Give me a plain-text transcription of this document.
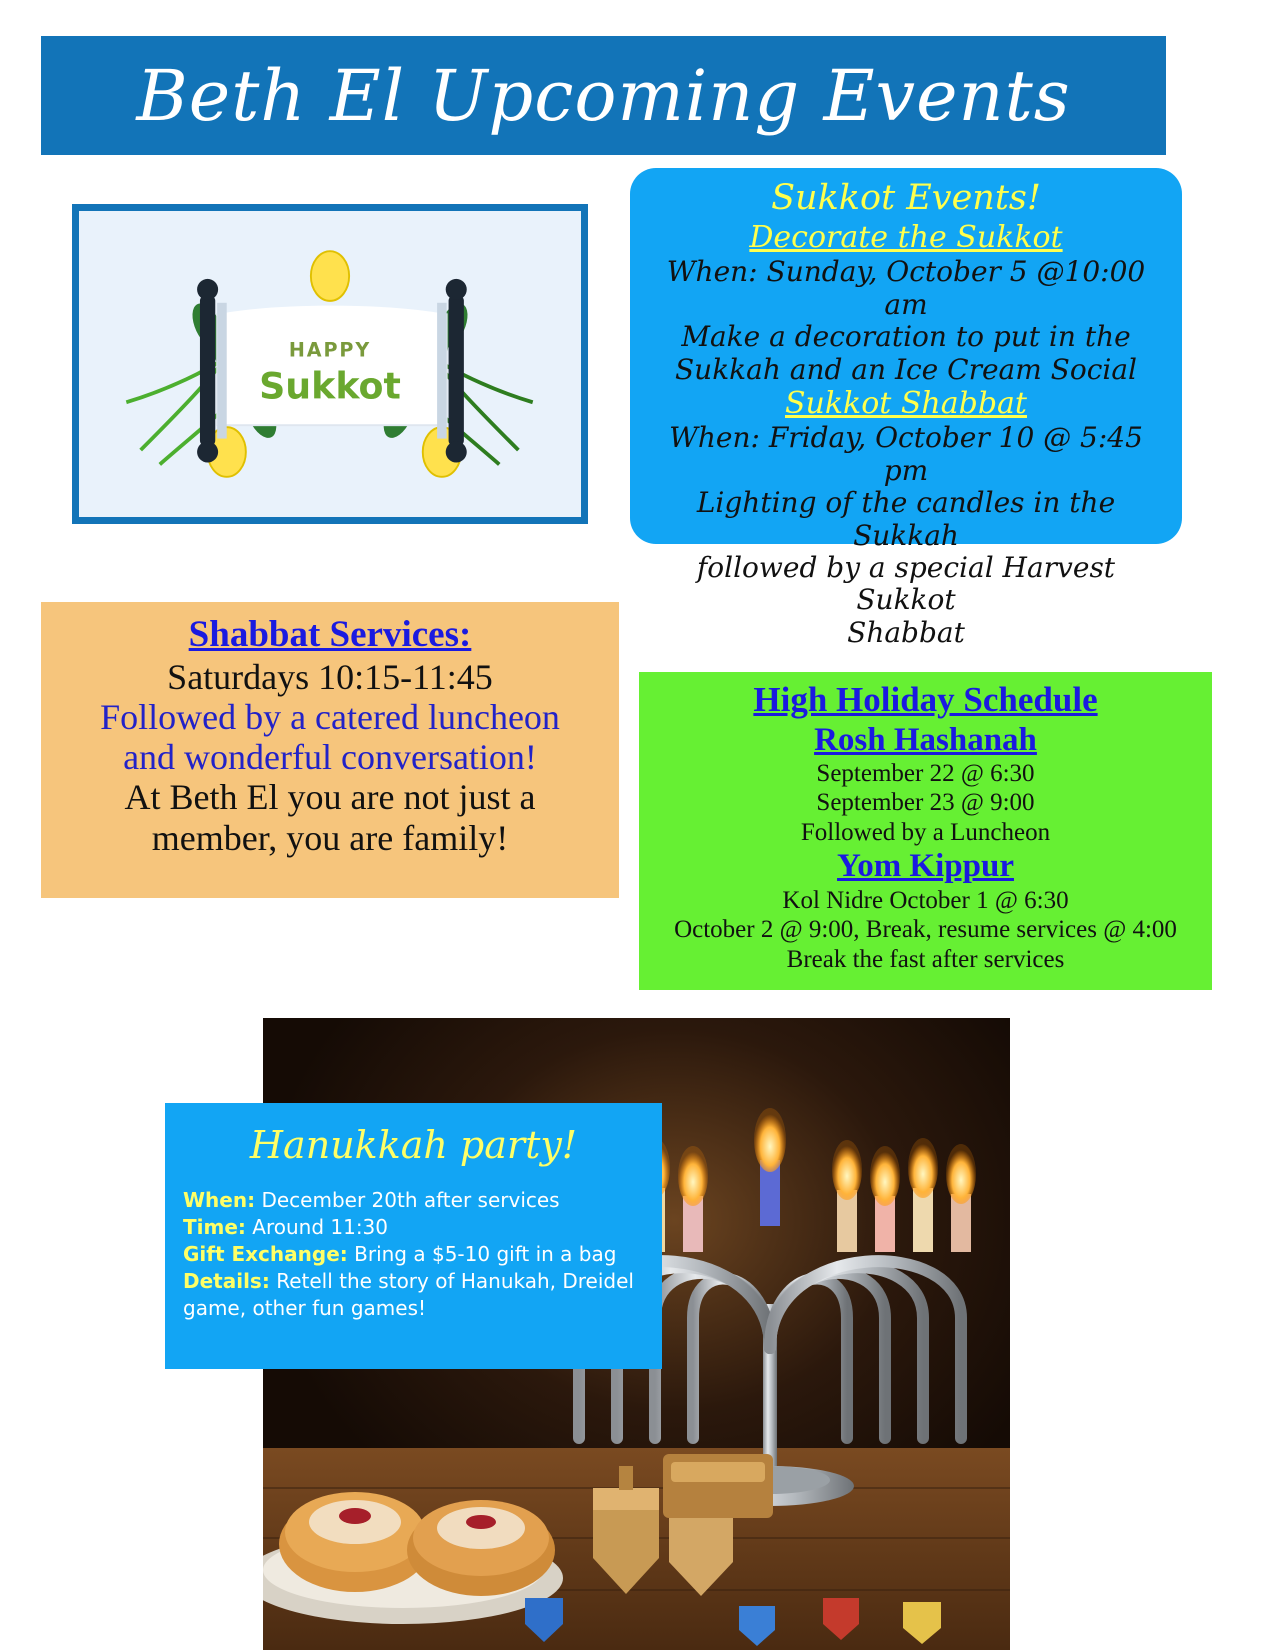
Beth El Upcoming Events
HAPPY
Sukkot
Sukkot Events!
Decorate the Sukkot
When: Sunday, October 5 @10:00 am
Make a decoration to put in the
Sukkah and an Ice Cream Social
Sukkot Shabbat
When: Friday, October 10 @ 5:45 pm
Lighting of the candles in the Sukkah
followed by a special Harvest Sukkot
Shabbat
Shabbat Services:
Saturdays 10:15-11:45
Followed by a catered luncheon
and wonderful conversation!
At Beth El you are not just a
member, you are family!
High Holiday Schedule
Rosh Hashanah
September 22 @ 6:30
September 23 @ 9:00
Followed by a Luncheon
Yom Kippur
Kol Nidre October 1 @ 6:30
October 2 @ 9:00, Break, resume services @ 4:00
Break the fast after services
Hanukkah party!
When: December 20th after services
Time: Around 11:30
Gift Exchange: Bring a $5-10 gift in a bag
Details: Retell the story of Hanukah, Dreidel game, other fun games!
